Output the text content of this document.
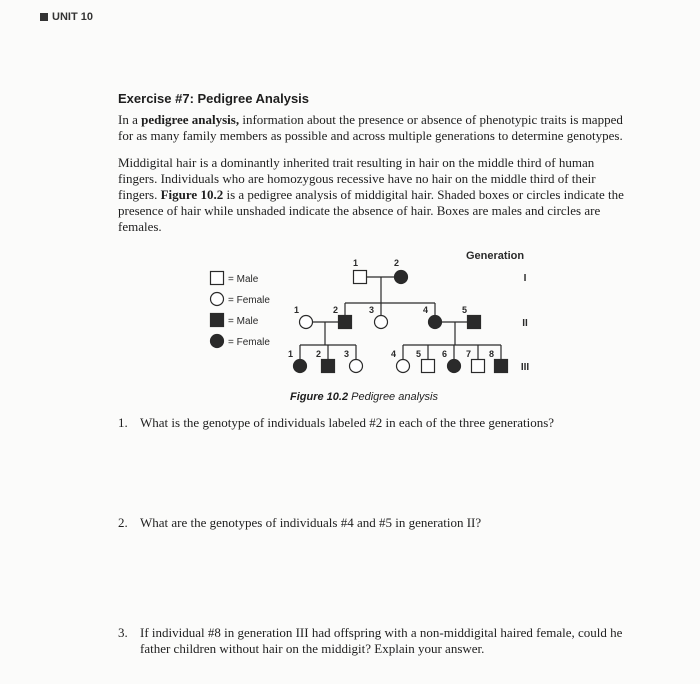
UNIT 10
Exercise #7: Pedigree Analysis
In a pedigree analysis, information about the presence or absence of phenotypic traits is mapped for as many family members as possible and across multiple generations to determine genotypes.
Middigital hair is a dominantly inherited trait resulting in hair on the middle third of human fingers. Individuals who are homozygous recessive have no hair on the middle third of their fingers. Figure 10.2 is a pedigree analysis of middigital hair. Shaded boxes or circles indicate the presence of hair while unshaded indicate the absence of hair. Boxes are males and circles are females.
= Male
= Female
= Male
= Female
Generation
I
II
III
1	2
1	2	3	4	5
1	2	3	4 5 6 7 8
Figure 10.2 Pedigree analysis
1. What is the genotype of individuals labeled #2 in each of the three generations?
2. What are the genotypes of individuals #4 and #5 in generation II?
3. If individual #8 in generation III had offspring with a non-middigital haired female, could he father children without hair on the middigit? Explain your answer.
